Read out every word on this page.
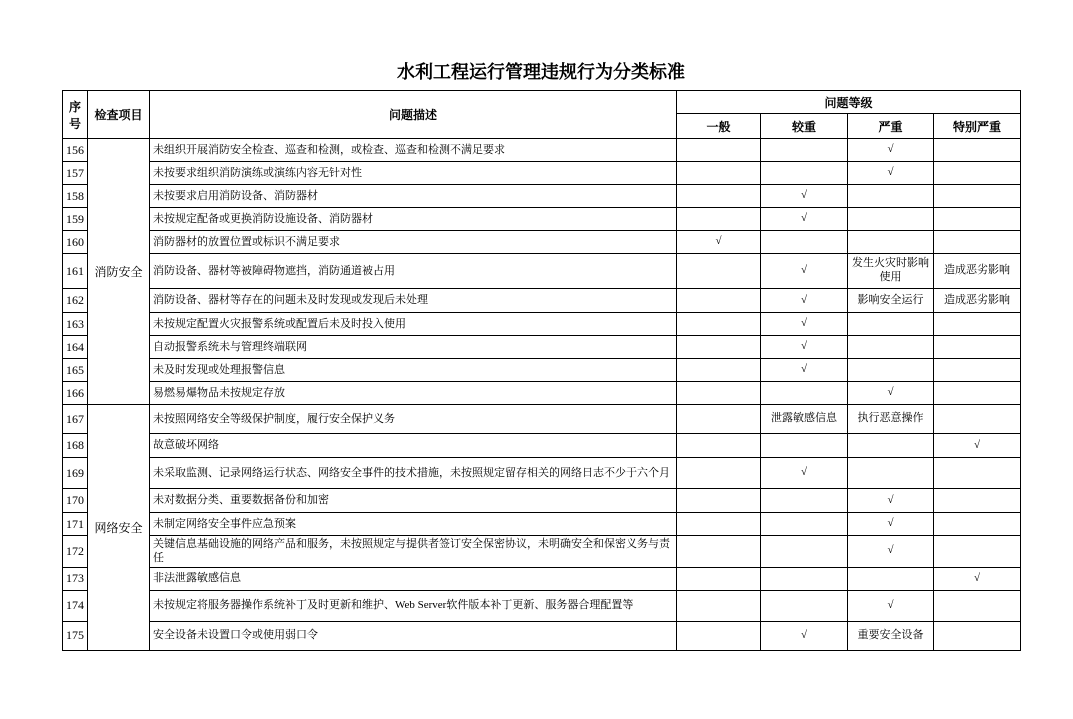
水利工程运行管理违规行为分类标准
序号	检查项目	问题描述	问题等级			
			一般	较重	严重	特别严重
156	消防安全	未组织开展消防安全检查、巡查和检测，或检查、巡查和检测不满足要求			√	
157		未按要求组织消防演练或演练内容无针对性			√	
158		未按要求启用消防设备、消防器材		√		
159		未按规定配备或更换消防设施设备、消防器材		√		
160		消防器材的放置位置或标识不满足要求	√			
161		消防设备、器材等被障碍物遮挡，消防通道被占用		√	发生火灾时影响使用	造成恶劣影响
162		消防设备、器材等存在的问题未及时发现或发现后未处理		√	影响安全运行	造成恶劣影响
163		未按规定配置火灾报警系统或配置后未及时投入使用		√		
164		自动报警系统未与管理终端联网		√		
165		未及时发现或处理报警信息		√		
166		易燃易爆物品未按规定存放			√	
167	网络安全	未按照网络安全等级保护制度，履行安全保护义务		泄露敏感信息	执行恶意操作	
168		故意破坏网络				√
169		未采取监测、记录网络运行状态、网络安全事件的技术措施，未按照规定留存相关的网络日志不少于六个月		√		
170		未对数据分类、重要数据备份和加密			√	
171		未制定网络安全事件应急预案			√	
172		关键信息基础设施的网络产品和服务，未按照规定与提供者签订安全保密协议，未明确安全和保密义务与责任			√	
173		非法泄露敏感信息				√
174		未按规定将服务器操作系统补丁及时更新和维护、Web Server软件版本补丁更新、服务器合理配置等			√	
175		安全设备未设置口令或使用弱口令		√	重要安全设备	
